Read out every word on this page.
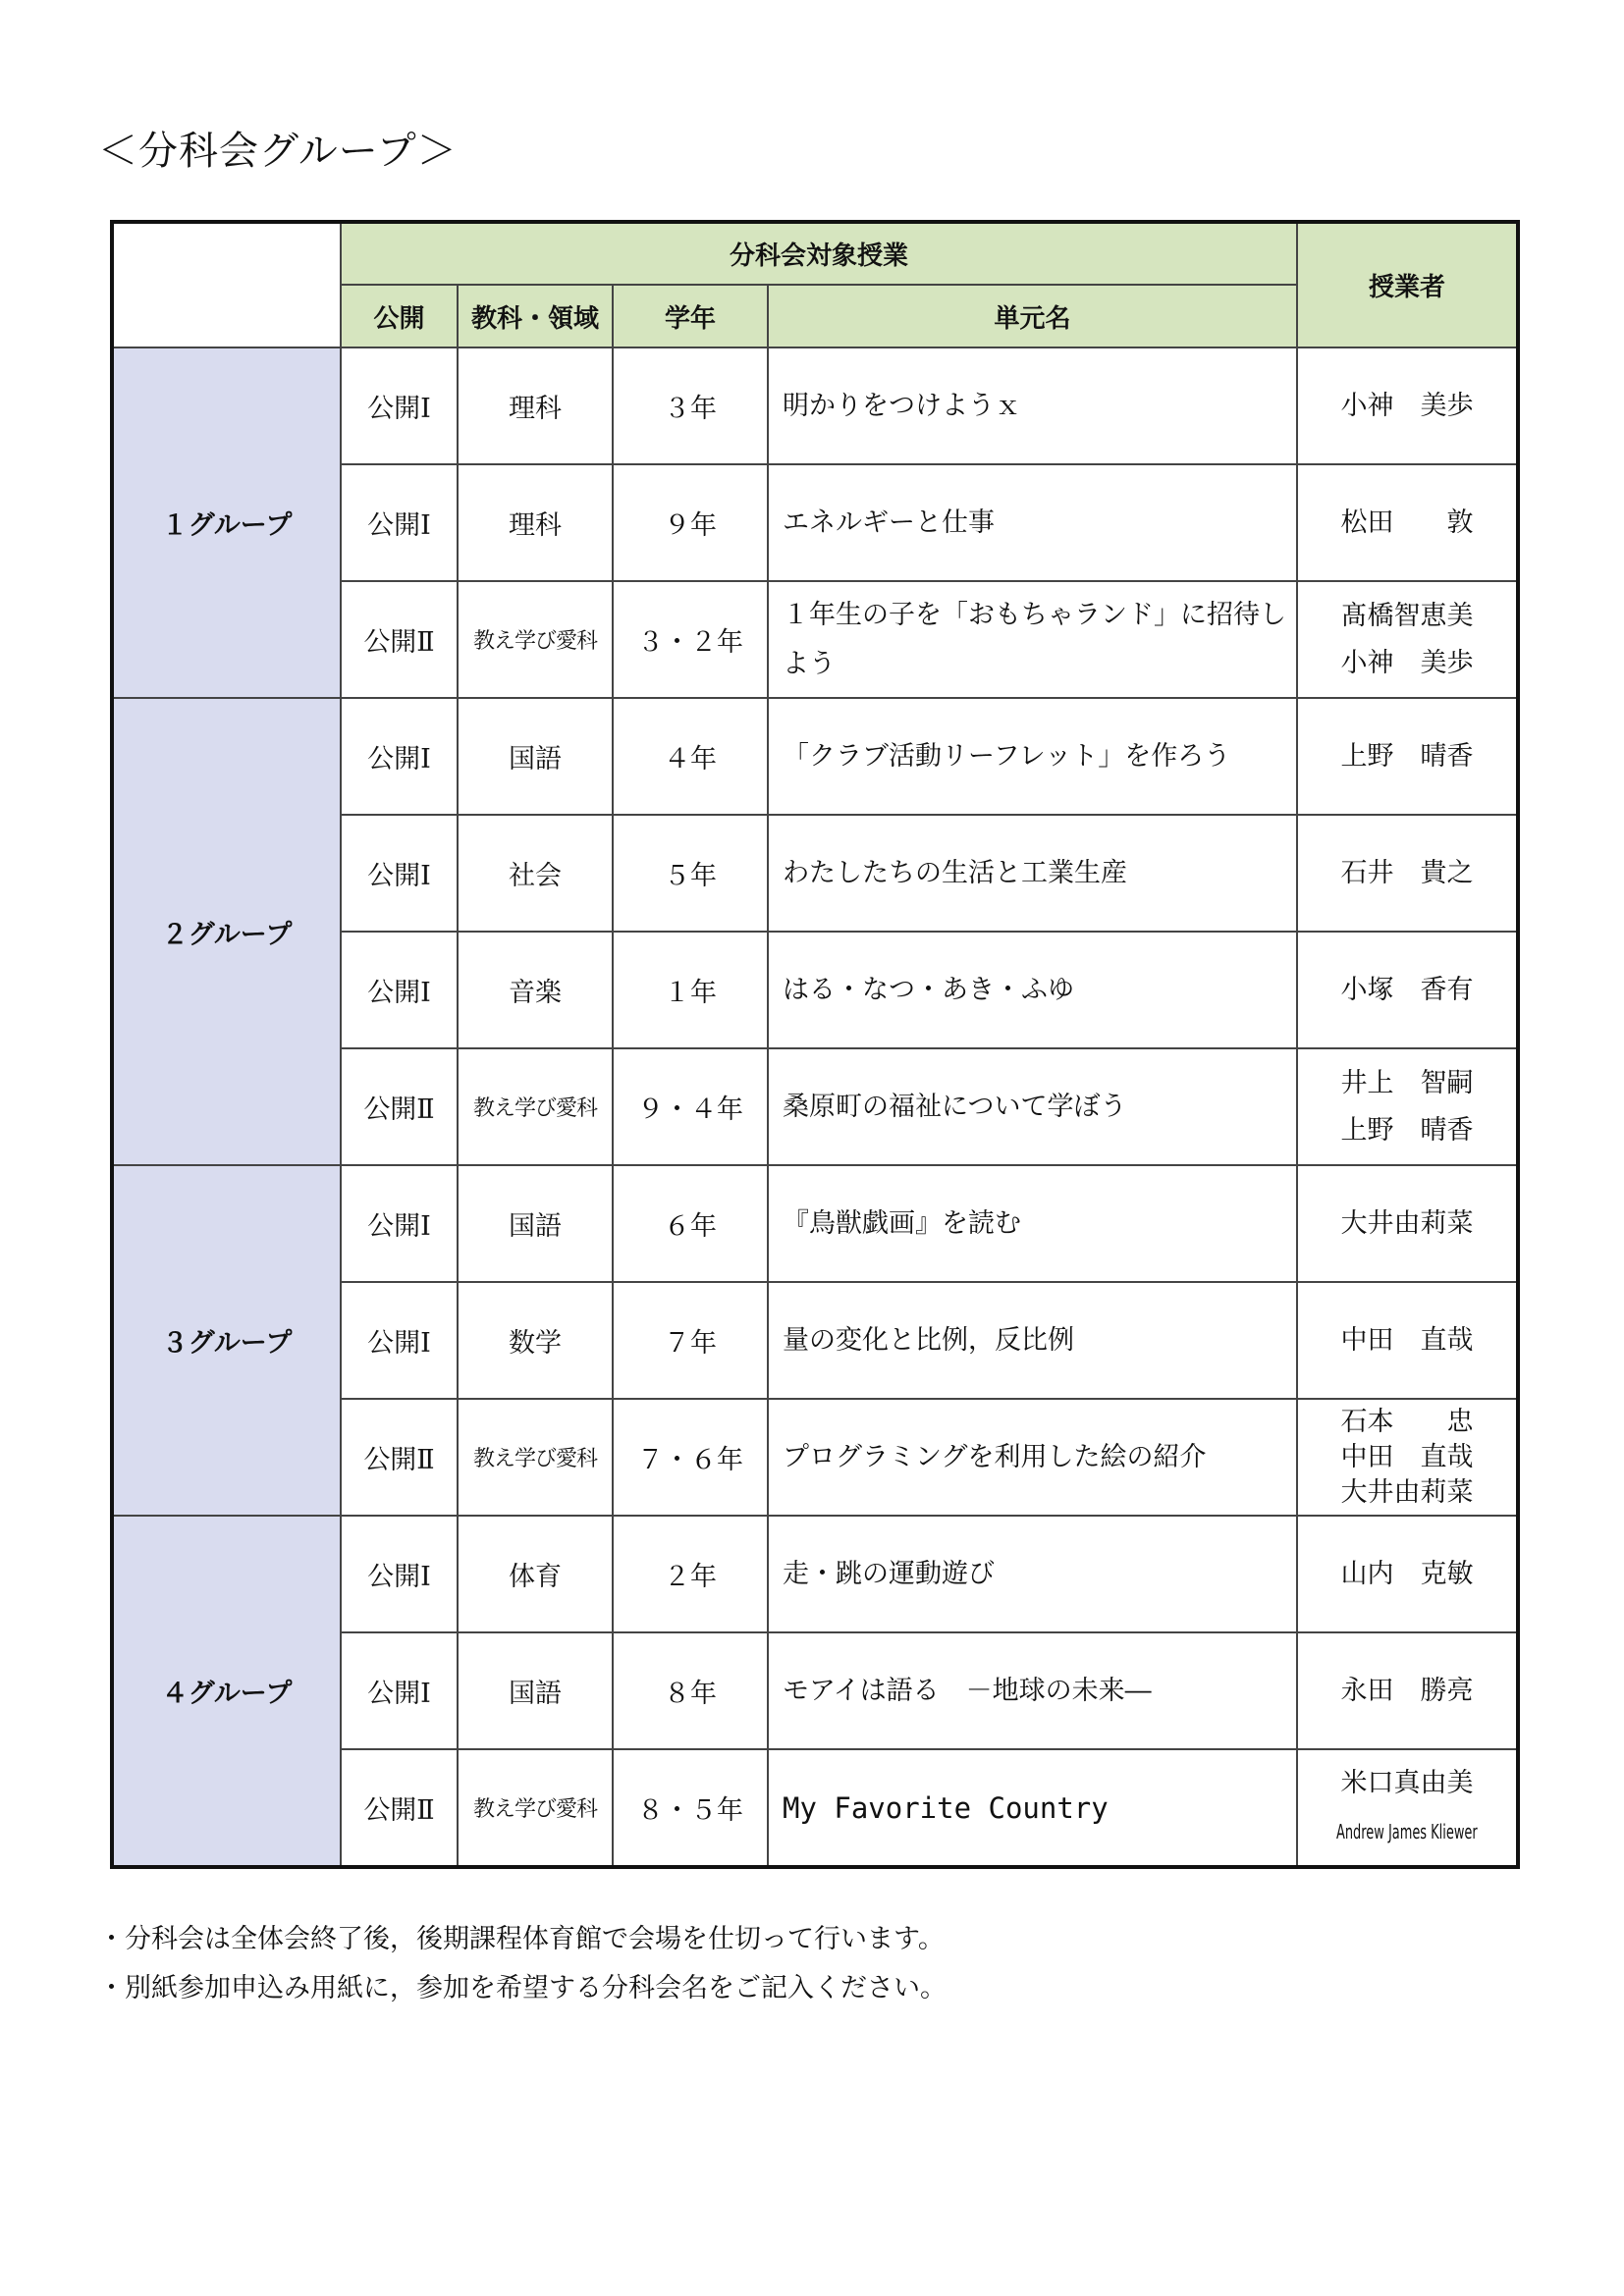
＜分科会グループ＞
	分科会対象授業				授業者
	公開	教科・領域	学年	単元名	
１グループ	公開Ⅰ	理科	３年	明かりをつけようｘ	小神　美歩

	公開Ⅰ	理科	９年	エネルギーと仕事	松田　　敦

	公開Ⅱ	教え学び愛科	３・２年	１年生の子を「おもちゃランド」に招待しよう	髙橋智恵美
小神　美歩

２グループ	公開Ⅰ	国語	４年	「クラブ活動リーフレット」を作ろう	上野　晴香

	公開Ⅰ	社会	５年	わたしたちの生活と工業生産	石井　貴之

	公開Ⅰ	音楽	１年	はる・なつ・あき・ふゆ	小塚　香有

	公開Ⅱ	教え学び愛科	９・４年	桑原町の福祉について学ぼう	井上　智嗣
上野　晴香

３グループ	公開Ⅰ	国語	６年	『鳥獣戯画』を読む	大井由莉菜

	公開Ⅰ	数学	７年	量の変化と比例，反比例	中田　直哉

	公開Ⅱ	教え学び愛科	７・６年	プログラミングを利用した絵の紹介	石本　　忠
中田　直哉
大井由莉菜

４グループ	公開Ⅰ	体育	２年	走・跳の運動遊び	山内　克敏

	公開Ⅰ	国語	８年	モアイは語る　－地球の未来―	永田　勝亮

	公開Ⅱ	教え学び愛科	８・５年	My Favorite Country	米口真由美
Andrew James Kliewer

・分科会は全体会終了後，後期課程体育館で会場を仕切って行います。

・別紙参加申込み用紙に，参加を希望する分科会名をご記入ください。
